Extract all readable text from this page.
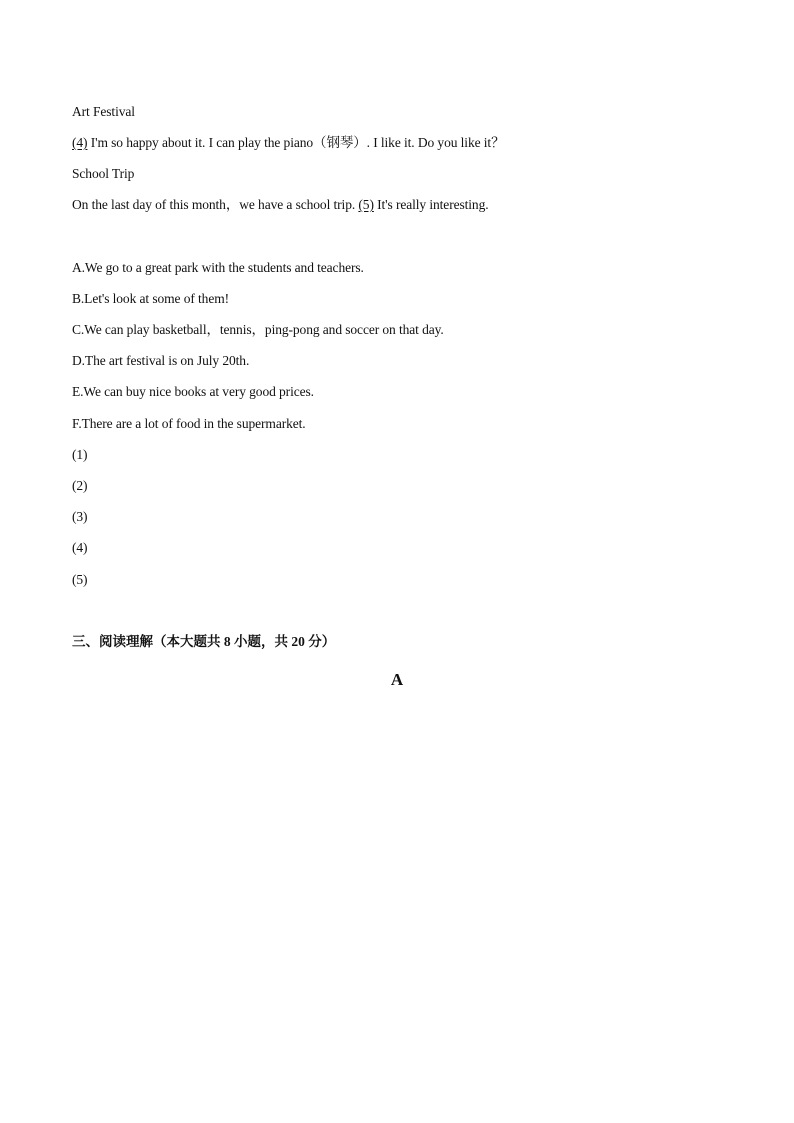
Art Festival
(4) I'm so happy about it. I can play the piano（钢琴）. I like it. Do you like it？
School Trip
On the last day of this month，we have a school trip. (5) It's really interesting.
A.We go to a great park with the students and teachers.
B.Let's look at some of them!
C.We can play basketball，tennis，ping-pong and soccer on that day.
D.The art festival is on July 20th.
E.We can buy nice books at very good prices.
F.There are a lot of food in the supermarket.
(1)
(2)
(3)
(4)
(5)
三、阅读理解（本大题共 8 小题，共 20 分）
A
